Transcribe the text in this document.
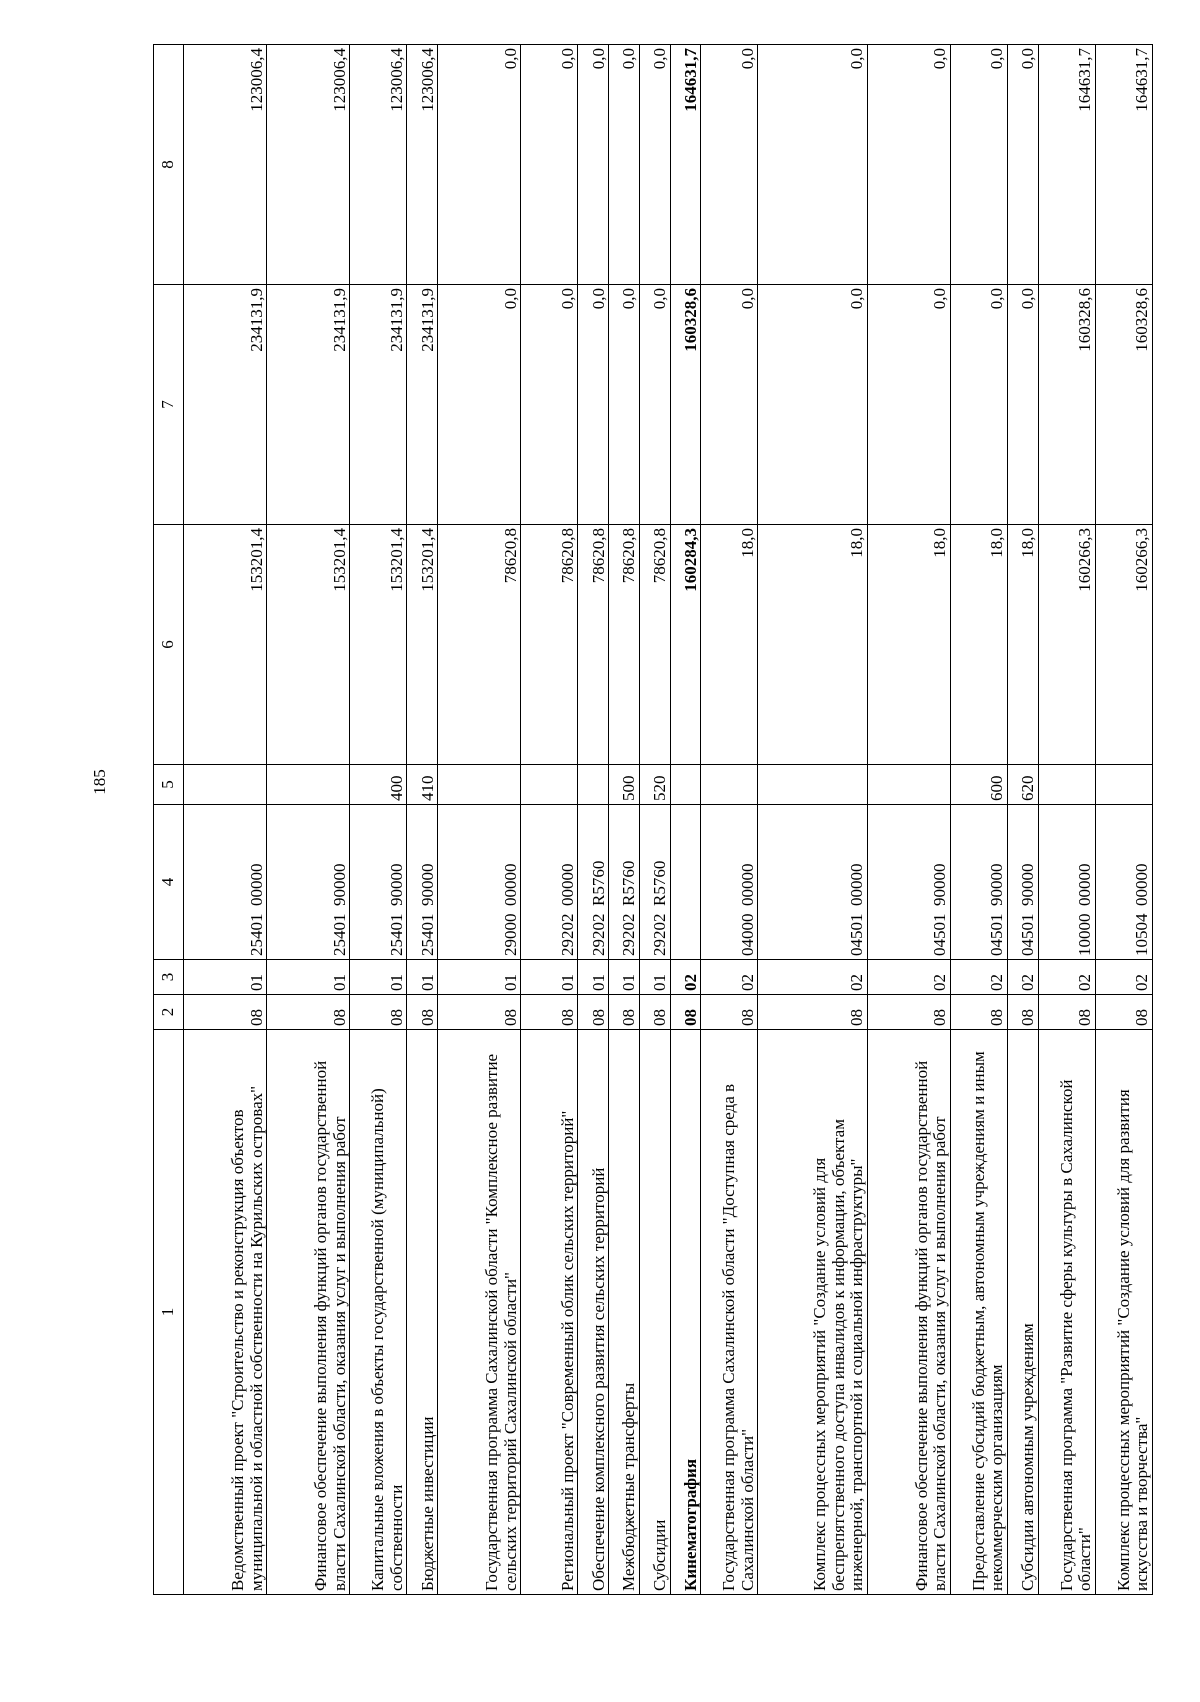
185
1	2	3	4	5	6	7	8
Ведомственный проект "Строительство и реконструкция объектов муниципальной и областной собственности на Курильских островах"	08	01	2540100000		153201,4	234131,9	123006,4
Финансовое обеспечение выполнения функций органов государственной власти Сахалинской области, оказания услуг и выполнения работ	08	01	2540190000		153201,4	234131,9	123006,4
Капитальные вложения в объекты государственной (муниципальной) собственности	08	01	2540190000	400	153201,4	234131,9	123006,4
Бюджетные инвестиции	08	01	2540190000	410	153201,4	234131,9	123006,4
Государственная программа Сахалинской области "Комплексное развитие сельских территорий Сахалинской области"	08	01	2900000000		78620,8	0,0	0,0
Региональный проект "Современный облик сельских территорий"	08	01	2920200000		78620,8	0,0	0,0
Обеспечение комплексного развития сельских территорий	08	01	29202R5760		78620,8	0,0	0,0
Межбюджетные трансферты	08	01	29202R5760	500	78620,8	0,0	0,0
Субсидии	08	01	29202R5760	520	78620,8	0,0	0,0
Кинематография	08	02			160284,3	160328,6	164631,7
Государственная программа Сахалинской области "Доступная среда в Сахалинской области"	08	02	0400000000		18,0	0,0	0,0
Комплекс процессных мероприятий "Создание условий для беспрепятственного доступа инвалидов к информации, объектам инженерной, транспортной и социальной инфраструктуры"	08	02	0450100000		18,0	0,0	0,0
Финансовое обеспечение выполнения функций органов государственной власти Сахалинской области, оказания услуг и выполнения работ	08	02	0450190000		18,0	0,0	0,0
Предоставление субсидий бюджетным, автономным учреждениям и иным некоммерческим организациям	08	02	0450190000	600	18,0	0,0	0,0
Субсидии автономным учреждениям	08	02	0450190000	620	18,0	0,0	0,0
Государственная программа "Развитие сферы культуры в Сахалинской области"	08	02	1000000000		160266,3	160328,6	164631,7
Комплекс процессных мероприятий "Создание условий для развития искусства и творчества"	08	02	1050400000		160266,3	160328,6	164631,7
